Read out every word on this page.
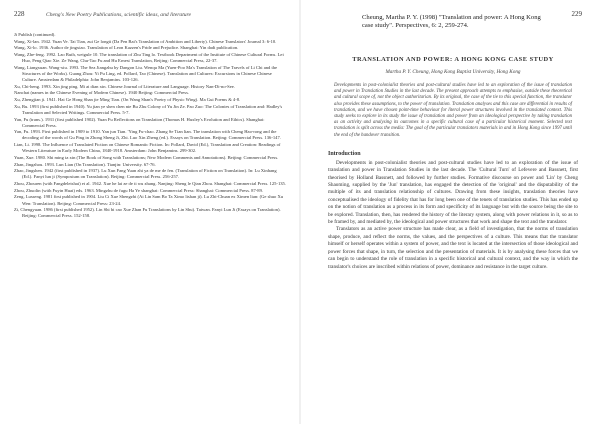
228	Cheng's New Poetry Publications, scientific ideas, and literature

Ji Publish (continued).

Wang, Xi-lan. 1942. Yuan Ve. Tai Tian, zui Ge longti (Da Pen Bai's Translation of Ambition and Liberty). Chinese Translators' Journal 3: 6-10.

Wang, Xi-lo. 1936. Author de jingxiao. Translation of Leon Kazzen's Pride and Prejudice. Shanghai: Yin dadi publication.

Wang, Zhe-feng. 1992. Lao Buth, weigule 10. The translation of Zhu Ting lo. Textbook Department of the Institute of Chinese Cultural Forms. Lei Huo, Peng Qiao Xie. Ze Wang, Chu-Tao Fu and Hu Ernest Translation, Beijing: Commercial Press, 22-37.

Wang, Liangxuan. Wang-xiu. 1993. The Sea Jiangzhu by Dangon Liu. Wenqu Ma (Yuen-Poo Ma's Translation of The Travels of Li Chi and the Structures of the Works). Guang Zhou: Yi Pu Ling, ed. Pollard, Tao (Chinese). Translation and Cultures: Excursions in Chinese Chinese Culture. Amsterdam & Philadelphia: John Benjamins. 103-126.

Xu, Chi-heng. 1993. Xin jing ping. Mi ai dian xin. Chinese Journal of Literature and Language. History Nan-Di-no-See.

Nanchat (names in the Chinese Evening of Modern Chinese). 1940 Beijing: Commercial Press.

Xu, Zhengjian ji. 1941. Hai Ge Hong Shan jie Ming Tian. (On Wang Shan's Poetry of Physic Wing). Ma Gui Poems & 4-8.

Xu, Bu. 1993 (first published in 1940). Yu jian ye shen chen nie Bu Zhu Colony of Yu Jin Ze. Pao Zuo: The Colonies of Translation and: Hadley's Translation and Selected Writings. Commercial Press. 5-7.

Yan, Fu (trans.). 1931 (first published 1902). Yuan Fu Reflections on Translation (Thomas H. Huxley's Evolution and Ethics). Shanghai: Commercial Press.

Yan, Fu. 1993. First published in 1909 to 1910. Yan jun Tian. 'Ying Fu-chao. Zhang Se Tian lian. The translation with Cheng Hao-rong and the decoding of the words of Gu Ping in Zhong Sheng Ji, Zhi. Luo Xin Zheng (ed.). Essays on Translation. Beijing: Commercial Press. 136-147.

Lian, Li. 1998. The Influence of Translated Fiction on Chinese Romantic Fiction. In: Pollard, David (Ed.), Translation and Creation: Readings of Western Literature in Early Modern China, 1840-1918. Amsterdam: John Benjamins. 299-302.

Yuan, Xue. 1980. Shi ming ta xin (The Book of Song with Translations; New Modern Comments and Annotations). Beijing: Commercial Press.

Zhan, Jingzhou. 1993. Lun Lian (On Translation). Tianjin: University. 67-76.

Zhao, Jingshen. 1942 (first published in 1937). Lu Xun Fang Yuan zhi ya de me de fen. (Translation of Fiction on Translation). In: Lu Xinhang (Ed.). Fanyi lun ji (Symposium on Translation). Beijing: Commercial Press. 256-257.

Zhou, Zhouren (with Fangdeleishai) et al. 1942. Xue he lai ze de ti wu zhang. Nanjing: Sheng le Qian Zhou. Shanghai: Commercial Press. 125-135.

Zhou, Zhuolin (with Fuyin Huai) eds. 1963. Mingzhu de fugu Ha Ye shanghai: Commercial Press: Shanghai: Commercial Press. 87-89.

Zeng, Lusseng. 1981 first published in 1904. Liu Ci Xue Shengzhi (Ai Lin Sam Bo Ta Ximo lishan ji). Lu Zhi-Chuan ex Ximen lian: (Ge shuo Xu Wen: Translation). Beijing: Commercial Press: 23-24.

Zi, Chengyuan. 1986 (first published 1952). Lin Shi bi cao Xue Zhan Fu Translations by Lin Shu). Taiwan. Fanyi Lun Ji (Essays on Translation). Beijing: Commercial Press. 152-158.

Cheung, Martha P. Y. (1998) "Translation and power: A Hong Kong case study". Perspectives, 6: 2, 259-274.
229
TRANSLATION AND POWER: A HONG KONG CASE STUDY
Martha P. Y. Cheung, Hong Kong Baptist University, Hong Kong
Developments in post-colonialist theories and post-cultural studies have led to an exploration of the issue of translation and power in Translation Studies in the last decade. The present approach attempts to emphasise, outside these theoretical and cultural scope of, not the object authoritarian. By its original, the case of the tie to this special function, the translator also provides these assumptions, to the power of translation. Translation analyses and this case are differential in results of translation, and we have chosen point-time behaviour for literal power structures involved in the translated context. This study seeks to explore in its study the issue of translation and power from an ideological perspective by taking translation as an activity and analysing its outcomes in a specific cultural case of a particular historical moment. Selected text translation is split across the media: The goal of the particular translators materials in and in Hong Kong since 1997 until the end of the handover transition.
Introduction

Developments in post-colonialist theories and post-cultural studies have led to an exploration of the issue of translation and power in Translation Studies in the last decade. The 'Cultural Turn' of Lefevere and Bassnett, first theorised by Holland Bassnett, and followed by further studies. Formative discourse on power and 'Lin' by Cheng Shaoming, supplied by the 'Jun' translation, has engaged the detection of the 'original' and the disputability of the multiple of its and translation relationship of cultures. Drawing from these insights, translation theories have conceptualised the ideology of fidelity that has for long been one of the tenets of translation studies. This has ended up on the notion of translation as a process in its form and specificity of its language but with the source being the site to be explored. Translation, then, has rendered the history of the literary system, along with power relations in it, so as to be framed by, and mediated by, the ideological and power structures that work and shape the text and the translator.

Translators as an active power structure has made clear, as a field of investigation, that the norms of translation shape, produce, and reflect the norms, the values, and the perspectives of a culture. This means that the translator himself or herself operates within a system of power, and the text is located at the intersection of those ideological and power forces that shape, in turn, the selection and the presentation of materials. It is by analysing these forces that we can begin to understand the role of translation in a specific historical and cultural context, and the way in which the translator's choices are inscribed within relations of power, dominance and resistance in the target culture.
